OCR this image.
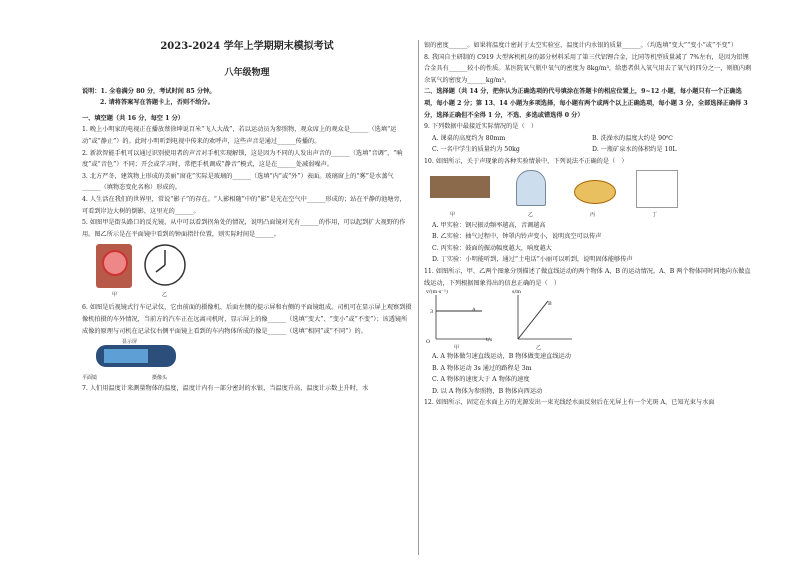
2023-2024 学年上学期期末模拟考试
八年级物理

说明：1. 全卷满分 80 分，考试时间 85 分钟。

2. 请将答案写在答题卡上，否则不给分。

一、填空题（共 16 分，每空 1 分）

1. 晚上小明家的电视正在播放蔡徐坤说百米“飞人大战”，若以运动员为参照物，观众席上的观众是______（选填“运动”或“静止”）的。此时小明听到电视中传来的欢呼声，这些声音是通过______传播的。

2. 新款智能手机可以通过识别使用者的声音对手机实现解锁，这是因为不同的人发出声音的______（选填“音调”、“响度”或“音色”）不同；开会或学习时，常把手机调成“静音”模式，这是在______处减弱噪声。

3. 北方严冬，建筑物上形成的美丽“窗花”实际是玻璃的______（选填“内”或“外”）表面。玻璃窗上的“雾”是水蒸气______（填物态变化名称）形成的。

4. 人生活在我们的世界里，常说“影子”的存在。“人影相随”中的“影”是光在空气中______形成的；站在平静的池塘旁，可看到岸边大树的倒影，这里光的______。

5. 如图甲是街头路口的反光镜，从中可以看到拐角处的情况，说明凸面镜对光有______的作用，可以起到扩大视野的作用。图乙所示是在平面镜中看到的钟面指针位置，则实际时间是______。

甲	乙

6. 如图是后视镜式行车记录仪，它由前面的摄像机、后面左侧的提示屏和右侧的平面镜组成。司机可在显示屏上观察到摄像机拍摄的车外情况，当前方的汽车正在远离司机时，显示屏上的像______（选填“变大”、“变小”或“不变”）；该透镜所成像的原理与司机在记录仪右侧平面镜上看到的车内物体所成的像是______（选填“相同”或“不同”）的。

显示屏
平面镜	摄像头

7. 人们用温度计来测量物体的温度，温度计内有一部分密封的水银，当温度升高，温度计示数上升时，水

银的密度______。如果将温度计密封于太空实验室，温度计内水银的质量______。（均选填“变大”“变小”或“不变”）

8. 我国自主研制的 C919 大型客机机身的部分材料采用了第三代铝锂合金，比同等机型质量减了 7%左右，是因为铝锂合金具有______较小的性质。某医院氧气瓶中氧气的密度为 8kg/m³，给患者供入氧气用去了氧气的四分之一，则瓶内剩余氧气的密度为______kg/m³。

二、选择题（共 14 分，把你认为正确选项的代号填涂在答题卡的相应位置上，9~12 小题，每小题只有一个正确选项，每小题 2 分；第 13、14 小题为多项选择，每小题有两个或两个以上正确选项，每小题 3 分，全部选择正确得 3 分，选择正确但不全得 1 分，不选、多选或错选得 0 分）

9. 下列数据中最接近实际情况的是（　）

A. 课桌的高度约为 80mm	B. 洗澡水的温度大约是 90℃
C. 一名中学生的质量约为 50kg	D. 一瓶矿泉水的体积约是 10L

10. 如图所示，关于声现象的各种实验情景中，下列说法不正确的是（　）

甲	乙	丙	丁

A. 甲实验：钢尺振动频率越高，音调越高

B. 乙实验：抽气过程中，钟罩内铃声变小，说明真空可以传声

C. 丙实验：鼓面的振动幅度越大，响度越大

D. 丁实验：小明能听到，通过“土电话”小丽可以听到，说明固体能够传声

11. 如图所示，甲、乙两个图象分别描述了做直线运动的两个物体 A、B 的运动情况，A、B 两个物体同时同地向东做直线运动，下列根据图象得出的信息正确的是（　）

v/(m·s⁻¹)
3	A
t/s
s/m
B
O
甲	乙

A. A 物体做匀速直线运动，B 物体做变速直线运动

B. A 物体运动 3s 通过的路程是 3m

C. A 物体的速度大于 A 物体的速度

D. 以 A 物体为参照物，B 物体向西运动

12. 如图所示，固定在水面上方的光源发出一束光线经水面反射后在光屏上有一个光斑 A，已知光束与水面
